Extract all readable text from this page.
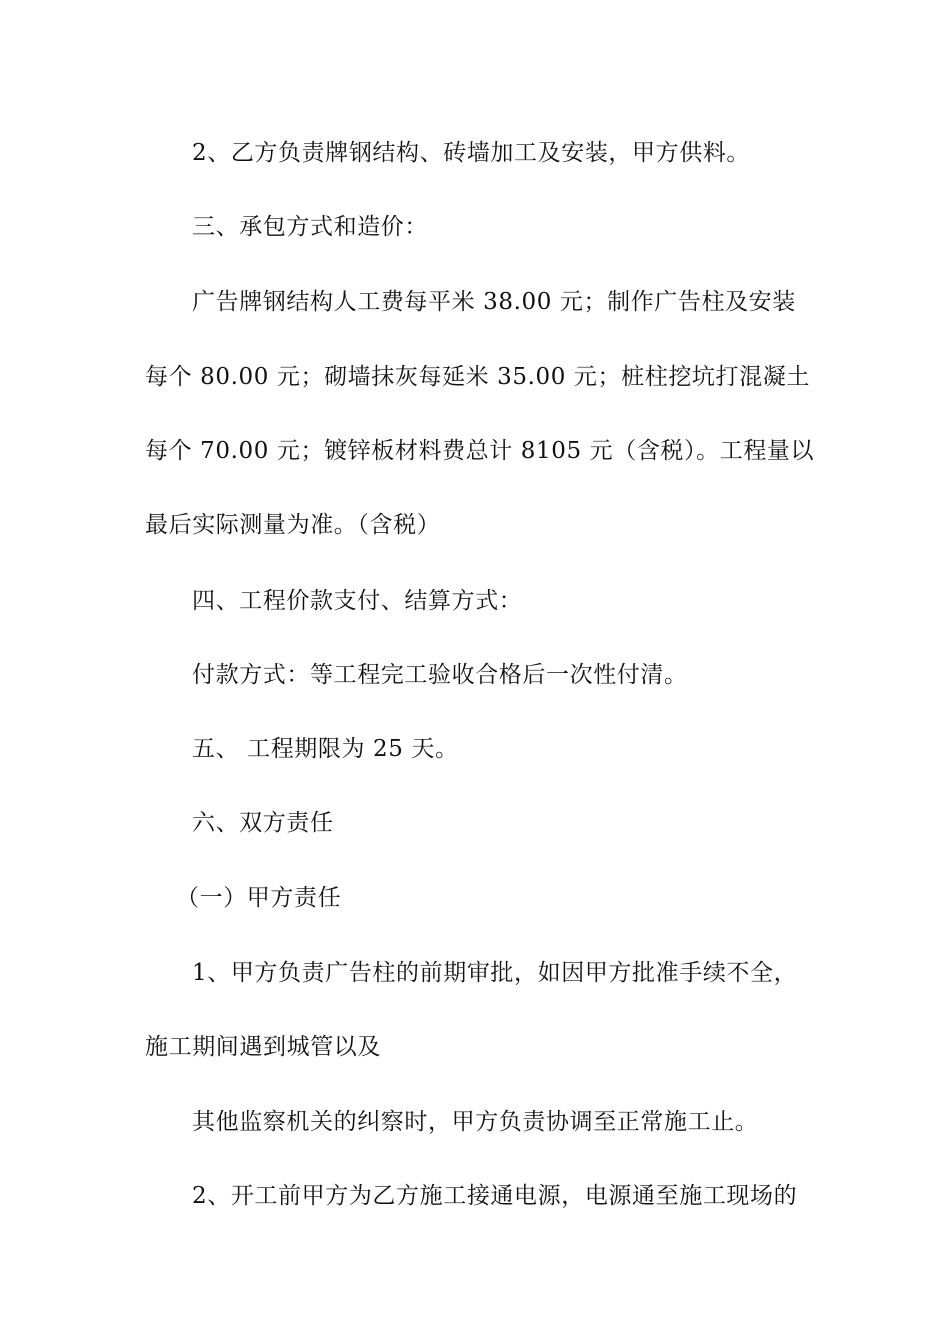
2、乙方负责牌钢结构、砖墙加工及安装，甲方供料。
三、承包方式和造价：
广告牌钢结构人工费每平米 38.00 元；制作广告柱及安装
每个 80.00 元；砌墙抹灰每延米 35.00 元；桩柱挖坑打混凝土
每个 70.00 元；镀锌板材料费总计 8105 元（含税）。工程量以
最后实际测量为准。（含税）
四、工程价款支付、结算方式：
付款方式：等工程完工验收合格后一次性付清。
五、 工程期限为 25 天。
六、双方责任
（一）甲方责任
1、甲方负责广告柱的前期审批，如因甲方批准手续不全，
施工期间遇到城管以及
其他监察机关的纠察时，甲方负责协调至正常施工止。
2、开工前甲方为乙方施工接通电源，电源通至施工现场的
